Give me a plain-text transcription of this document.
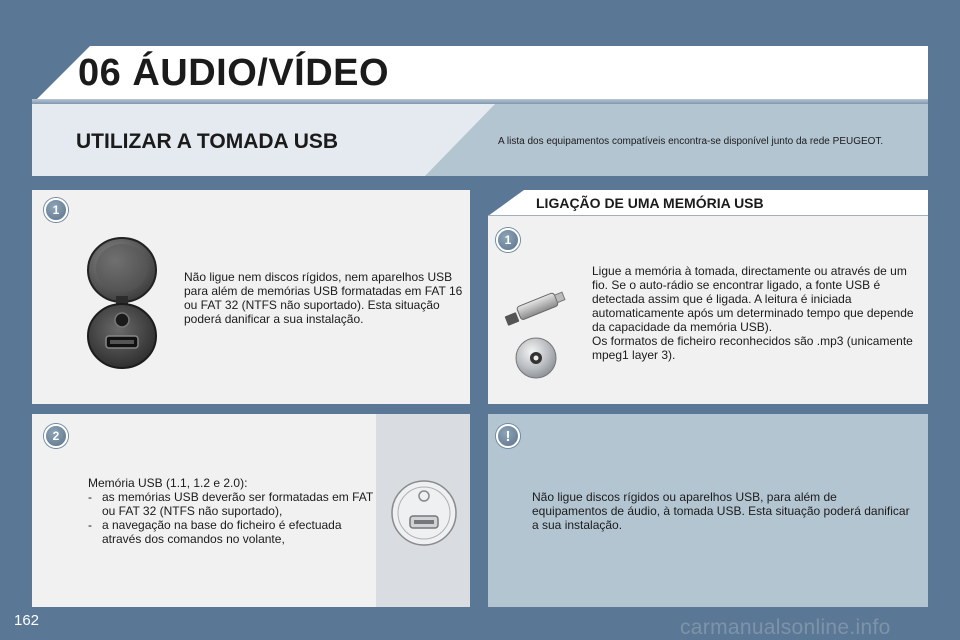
06 ÁUDIO/VÍDEO
UTILIZAR A TOMADA USB	A lista dos equipamentos compatíveis encontra-se disponível junto da rede PEUGEOT.
1
Não ligue nem discos rígidos, nem aparelhos USB para além de memórias USB formatadas em FAT 16 ou FAT 32 (NTFS não suportado). Esta situação poderá danificar a sua instalação.
2
Memória USB (1.1, 1.2 e 2.0):
- as memórias USB deverão ser formatadas em FAT ou FAT 32 (NTFS não suportado),
- a navegação na base do ficheiro é efectuada através dos comandos no volante,
LIGAÇÃO DE UMA MEMÓRIA USB
1
Ligue a memória à tomada, directamente ou através de um fio. Se o auto-rádio se encontrar ligado, a fonte USB é detectada assim que é ligada. A leitura é iniciada automaticamente após um determinado tempo que depende da capacidade da memória USB).
Os formatos de ficheiro reconhecidos são .mp3 (unicamente mpeg1 layer 3).
!
Não ligue discos rígidos ou aparelhos USB, para além de equipamentos de áudio, à tomada USB. Esta situação poderá danificar a sua instalação.
162	carmanualsonline.info
